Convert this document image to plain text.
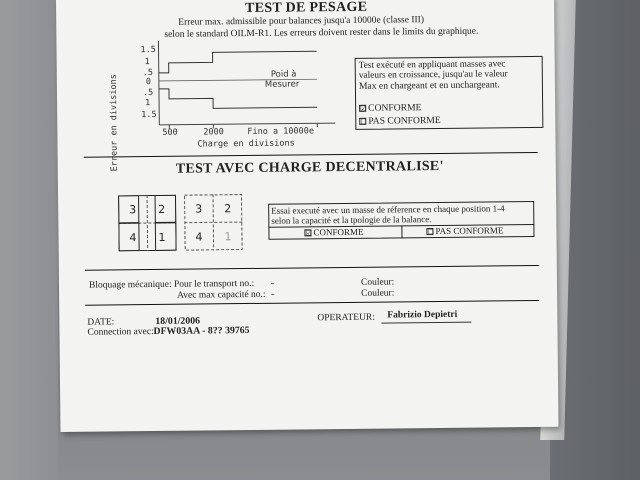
TEST DE PESAGE
Erreur max. admissible pour balances jusqu'a 10000e (classe III)
selon le standard OILM-R1. Les erreurs doivent rester dans le limits du graphique.
Erreur en divisions
1.5
1
.5
0
.5
1
1.5
Poid à
Mesurer
500	2000	Fino a 10000e
Charge en divisions
Test exécuté en appliquant masses avec
valeurs en croissance, jusqu'au le valeur
Max en chargeant et en unchargeant.
☑ CONFORME
☐ PAS CONFORME
TEST AVEC CHARGE DECENTRALISE'
3	2
4	1
3	2
4	1
Essai executé avec un masse de réference en chaque position 1-4
selon la capacité et la tpologie de la balance.
☑ CONFORME	☐ PAS CONFORME
Bloquage mécanique: Pour le transport no.: -
Avec max capacité no.: -
Couleur:
Couleur:
DATE:	18/01/2006
Connection avec: DFW03AA - 8?? 39765
OPERATEUR: Fabrizio Depietri
